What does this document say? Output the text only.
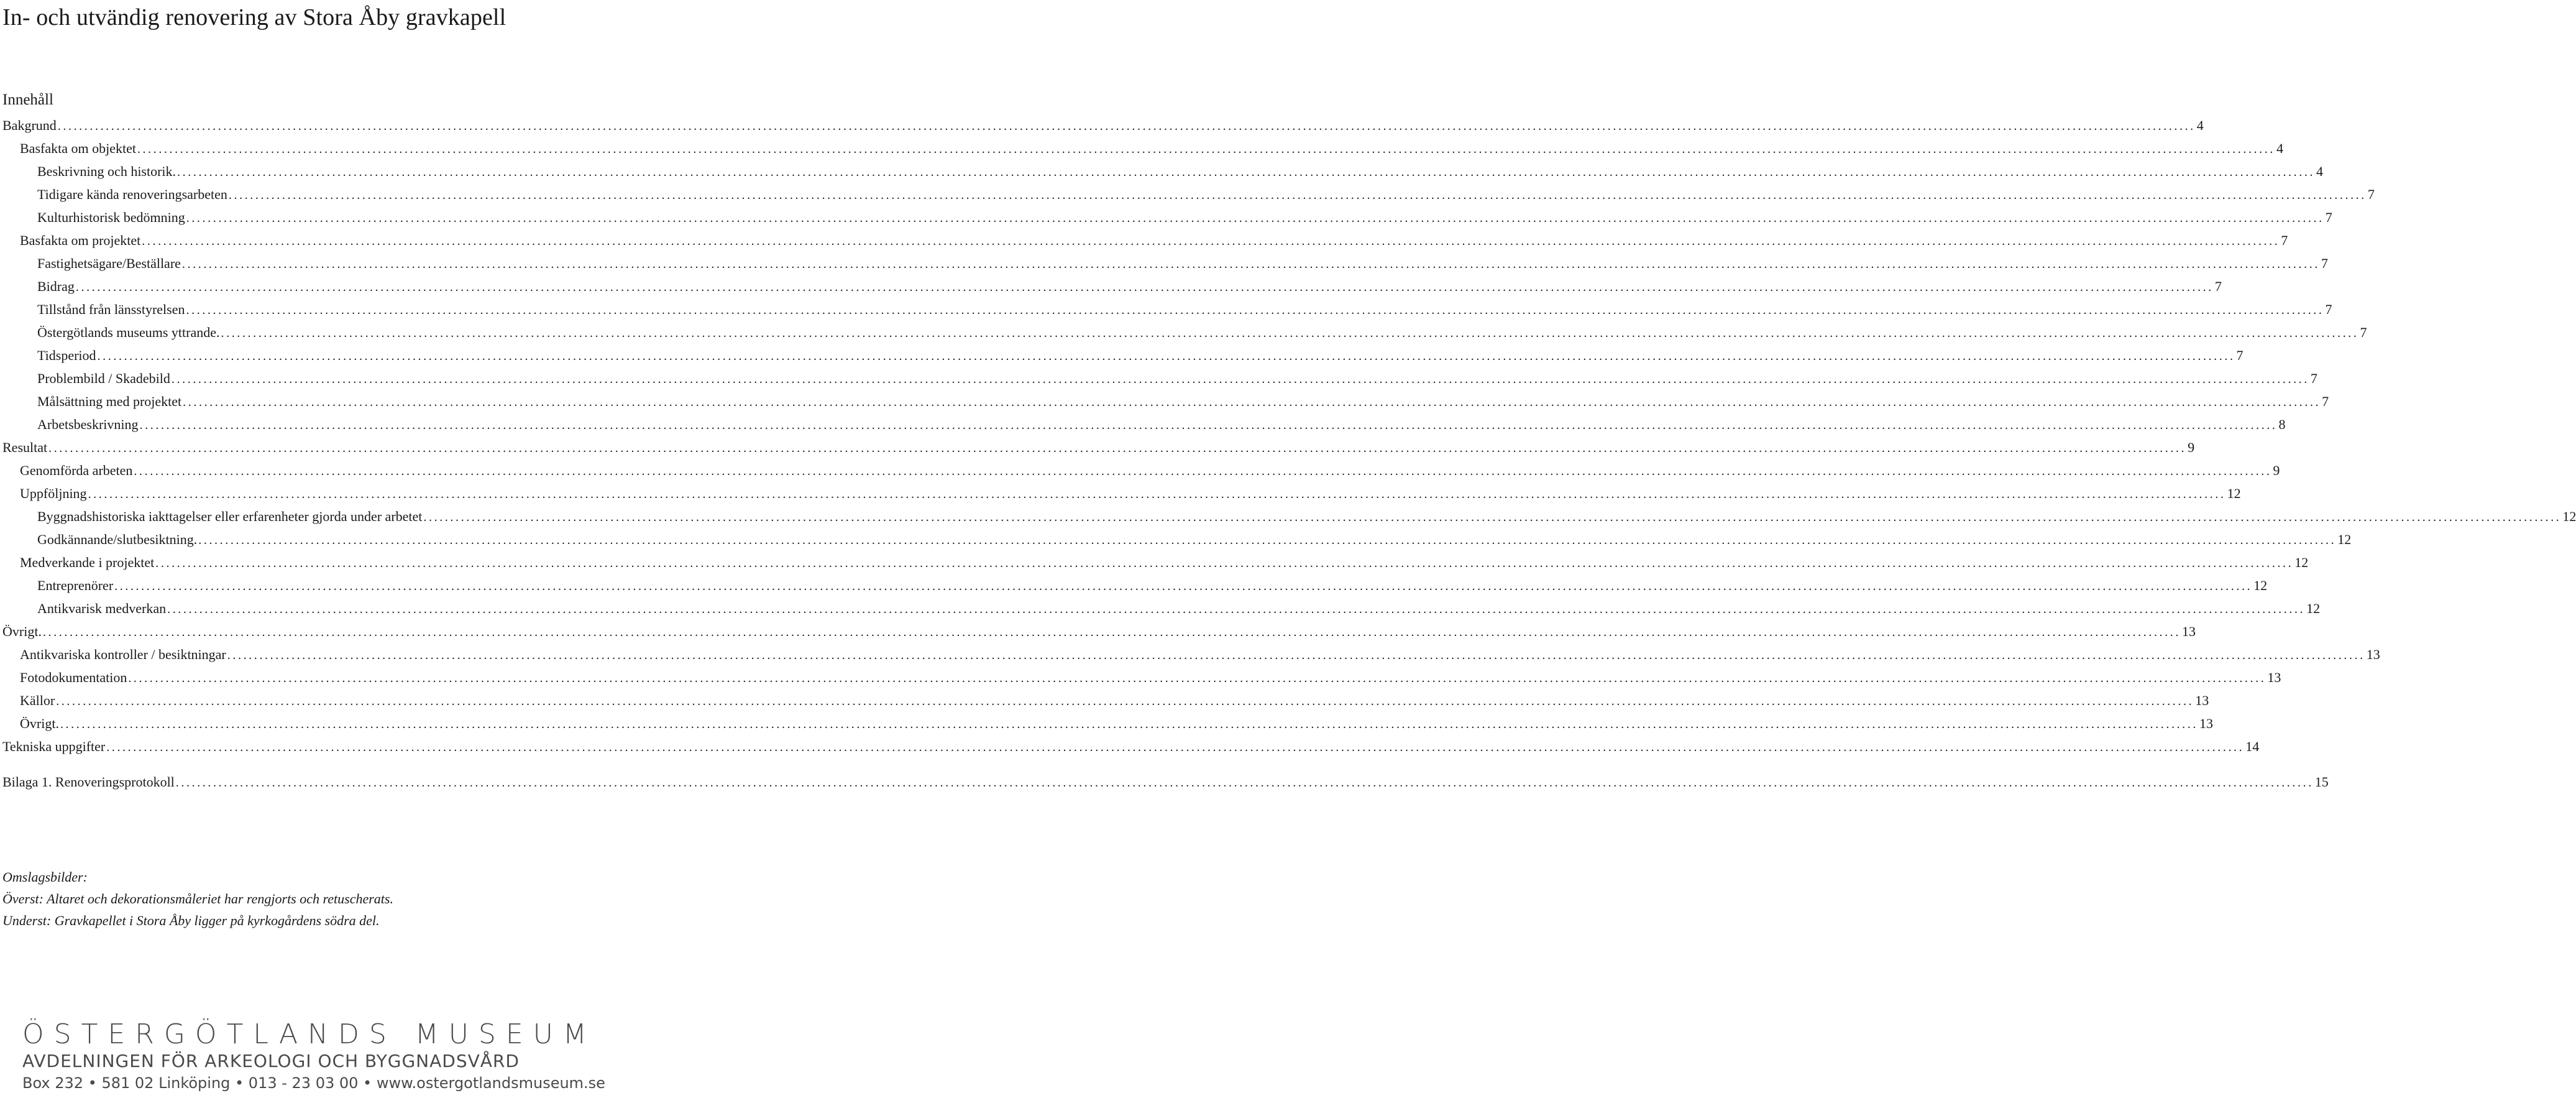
In- och utvändig renovering av Stora Åby gravkapell
Innehåll
Bakgrund ................................................................................................................................................................................................................................................................................................................................................................................................................ 4
Basfakta om objektet ................................................................................................................................................................................................................................................................................................................................................................................................................ 4
Beskrivning och historik. ................................................................................................................................................................................................................................................................................................................................................................................................................ 4
Tidigare kända renoveringsarbeten ................................................................................................................................................................................................................................................................................................................................................................................................................ 7
Kulturhistorisk bedömning ................................................................................................................................................................................................................................................................................................................................................................................................................ 7
Basfakta om projektet ................................................................................................................................................................................................................................................................................................................................................................................................................ 7
Fastighetsägare/Beställare ................................................................................................................................................................................................................................................................................................................................................................................................................ 7
Bidrag ................................................................................................................................................................................................................................................................................................................................................................................................................ 7
Tillstånd från länsstyrelsen ................................................................................................................................................................................................................................................................................................................................................................................................................ 7
Östergötlands museums yttrande. ................................................................................................................................................................................................................................................................................................................................................................................................................ 7
Tidsperiod ................................................................................................................................................................................................................................................................................................................................................................................................................ 7
Problembild / Skadebild ................................................................................................................................................................................................................................................................................................................................................................................................................ 7
Målsättning med projektet ................................................................................................................................................................................................................................................................................................................................................................................................................ 7
Arbetsbeskrivning ................................................................................................................................................................................................................................................................................................................................................................................................................ 8
Resultat ................................................................................................................................................................................................................................................................................................................................................................................................................ 9
Genomförda arbeten ................................................................................................................................................................................................................................................................................................................................................................................................................ 9
Uppföljning ................................................................................................................................................................................................................................................................................................................................................................................................................ 12
Byggnadshistoriska iakttagelser eller erfarenheter gjorda under arbetet ................................................................................................................................................................................................................................................................................................................................................................................................................ 12
Godkännande/slutbesiktning. ................................................................................................................................................................................................................................................................................................................................................................................................................ 12
Medverkande i projektet ................................................................................................................................................................................................................................................................................................................................................................................................................ 12
Entreprenörer ................................................................................................................................................................................................................................................................................................................................................................................................................ 12
Antikvarisk medverkan ................................................................................................................................................................................................................................................................................................................................................................................................................ 12
Övrigt. ................................................................................................................................................................................................................................................................................................................................................................................................................ 13
Antikvariska kontroller / besiktningar ................................................................................................................................................................................................................................................................................................................................................................................................................ 13
Fotodokumentation ................................................................................................................................................................................................................................................................................................................................................................................................................ 13
Källor ................................................................................................................................................................................................................................................................................................................................................................................................................ 13
Övrigt. ................................................................................................................................................................................................................................................................................................................................................................................................................ 13
Tekniska uppgifter ................................................................................................................................................................................................................................................................................................................................................................................................................ 14
Bilaga 1. Renoveringsprotokoll ................................................................................................................................................................................................................................................................................................................................................................................................................ 15
Omslagsbilder:
Överst: Altaret och dekorationsmåleriet har rengjorts och retuscherats.
Underst: Gravkapellet i Stora Åby ligger på kyrkogårdens södra del.
ÖSTERGÖTLANDS MUSEUM
AVDELNINGEN FÖR ARKEOLOGI OCH BYGGNADSVÅRD
Box 232 • 581 02 Linköping • 013 - 23 03 00 • www.ostergotlandsmuseum.se
